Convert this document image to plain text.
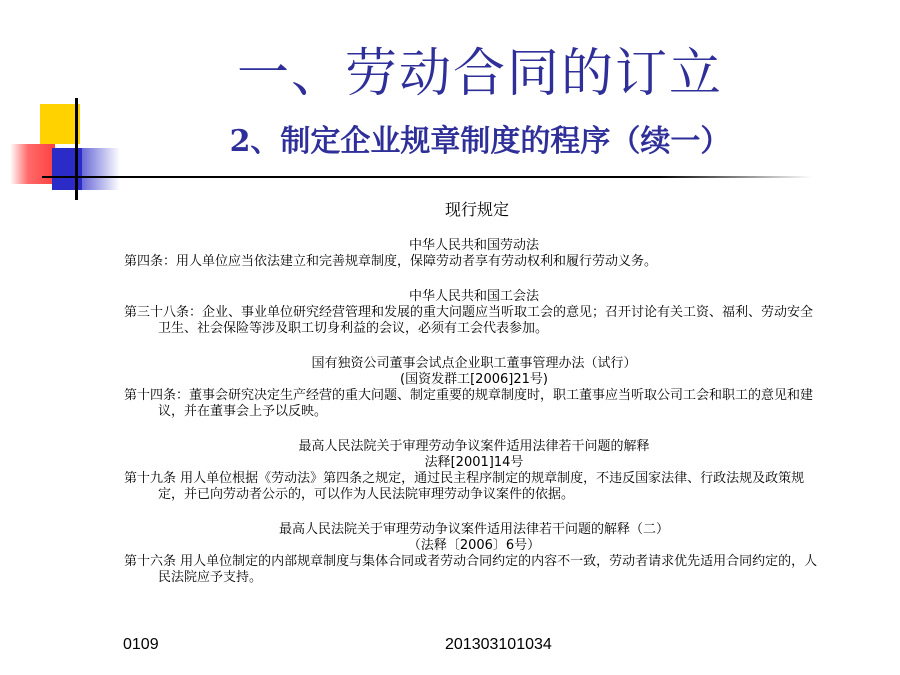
一、劳动合同的订立
2、制定企业规章制度的程序（续一）
现行规定
中华人民共和国劳动法
第四条：用人单位应当依法建立和完善规章制度，保障劳动者享有劳动权利和履行劳动义务。
中华人民共和国工会法
第三十八条：企业、事业单位研究经营管理和发展的重大问题应当听取工会的意见；召开讨论有关工资、福利、劳动安全卫生、社会保险等涉及职工切身利益的会议，必须有工会代表参加。
国有独资公司董事会试点企业职工董事管理办法（试行）
(国资发群工[2006]21号)
第十四条：董事会研究决定生产经营的重大问题、制定重要的规章制度时，职工董事应当听取公司工会和职工的意见和建议，并在董事会上予以反映。
最高人民法院关于审理劳动争议案件适用法律若干问题的解释
法释[2001]14号
第十九条 用人单位根据《劳动法》第四条之规定，通过民主程序制定的规章制度，不违反国家法律、行政法规及政策规定，并已向劳动者公示的，可以作为人民法院审理劳动争议案件的依据。
最高人民法院关于审理劳动争议案件适用法律若干问题的解释（二）
（法释〔2006〕6号）
第十六条 用人单位制定的内部规章制度与集体合同或者劳动合同约定的内容不一致，劳动者请求优先适用合同约定的，人民法院应予支持。
0109	201303101034
